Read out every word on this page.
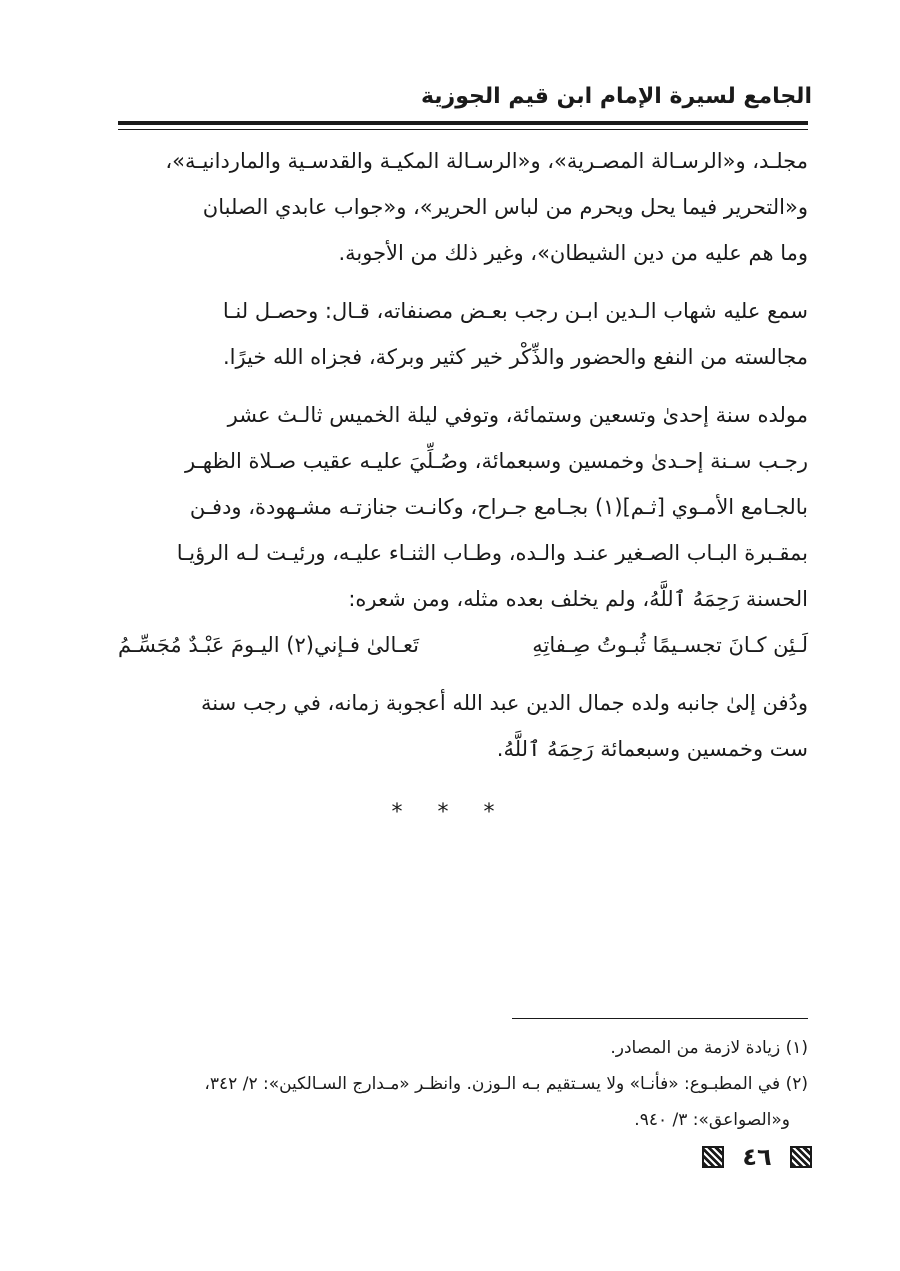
الجامع لسيرة الإمام ابن قيم الجوزية

مجلـد، و«الرسـالة المصـرية»، و«الرسـالة المكيـة والقدسـية والماردانيـة»،
و«التحرير فيما يحل ويحرم من لباس الحرير»، و«جواب عابدي الصلبان
وما هم عليه من دين الشيطان»، وغير ذلك من الأجوبة.

سمع عليه شهاب الـدين ابـن رجب بعـض مصنفاته، قـال: وحصـل لنـا
مجالسته من النفع والحضور والذِّكْر خير كثير وبركة، فجزاه الله خيرًا.

مولده سنة إحدىٰ وتسعين وستمائة، وتوفي ليلة الخميس ثالـث عشر
رجـب سـنة إحـدىٰ وخمسين وسبعمائة، وصُـلِّيَ عليـه عقيب صـلاة الظهـر
بالجـامع الأمـوي [ثـم](١) بجـامع جـراح، وكانـت جنازتـه مشـهودة، ودفـن
بمقـبرة البـاب الصـغير عنـد والـده، وطـاب الثنـاء عليـه، ورئيـت لـه الرؤيـا
الحسنة رَحِمَهُ ٱللَّهُ، ولم يخلف بعده مثله، ومن شعره:

لَـئِن كـانَ تجسـيمًا ثُبـوتُ صِـفاتِهِ
تَعـالىٰ فـإني(٢) اليـومَ عَبْـدٌ مُجَسِّـمُ

ودُفن إلىٰ جانبه ولده جمال الدين عبد الله أعجوبة زمانه، في رجب سنة
ست وخمسين وسبعمائة رَحِمَهُ ٱللَّهُ.

* * *

(١) زيادة لازمة من المصادر.

(٢) في المطبـوع: «فأنـا» ولا يسـتقيم بـه الـوزن. وانظـر «مـدارج السـالكين»: ٢/ ٣٤٢،

و«الصواعق»: ٣/ ٩٤٠.

٤٦
